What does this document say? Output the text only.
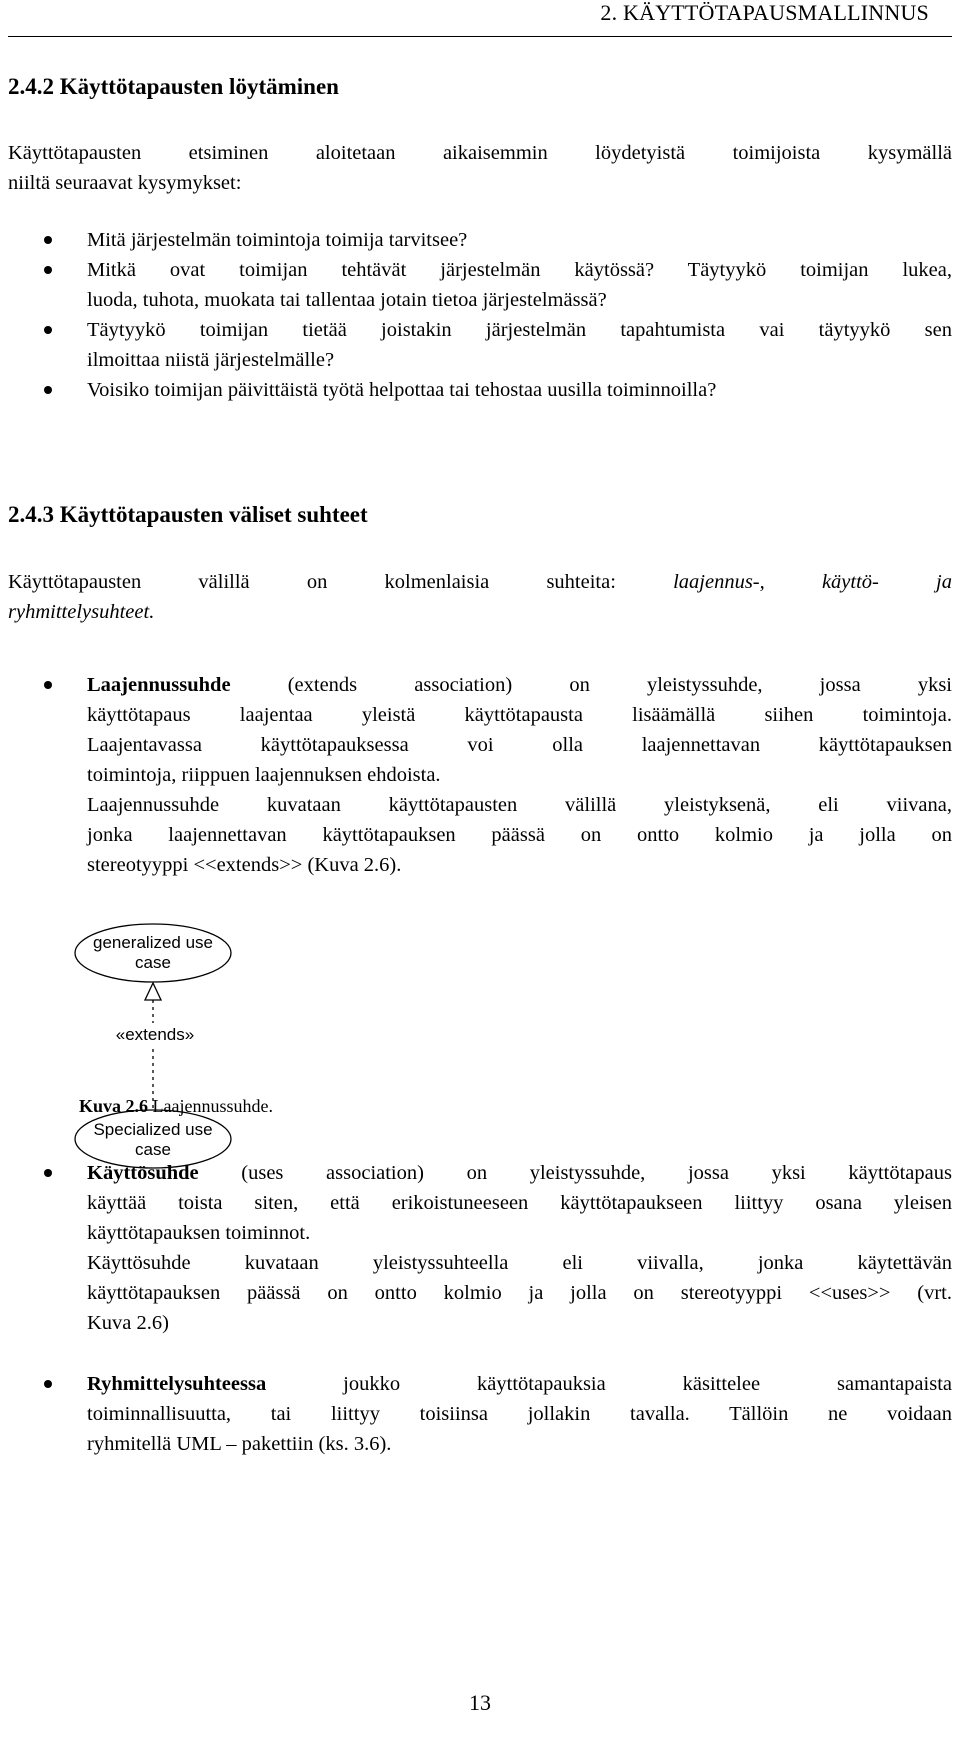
2. KÄYTTÖTAPAUSMALLINNUS
2.4.2 Käyttötapausten löytäminen
Käyttötapausten etsiminen aloitetaan aikaisemmin löydetyistä toimijoista kysymällä
niiltä seuraavat kysymykset:
Mitä järjestelmän toimintoja toimija tarvitsee?
Mitkä ovat toimijan tehtävät järjestelmän käytössä? Täytyykö toimijan lukea,
luoda, tuhota, muokata tai tallentaa jotain tietoa järjestelmässä?
Täytyykö toimijan tietää joistakin järjestelmän tapahtumista vai täytyykö sen
ilmoittaa niistä järjestelmälle?
Voisiko toimijan päivittäistä työtä helpottaa tai tehostaa uusilla toiminnoilla?
2.4.3 Käyttötapausten väliset suhteet
Käyttötapausten välillä on kolmenlaisia suhteita: laajennus-, käyttö- ja
ryhmittelysuhteet.
Laajennussuhde (extends association) on yleistyssuhde, jossa yksi
käyttötapaus laajentaa yleistä käyttötapausta lisäämällä siihen toimintoja.
Laajentavassa käyttötapauksessa voi olla laajennettavan käyttötapauksen
toimintoja, riippuen laajennuksen ehdoista.
Laajennussuhde kuvataan käyttötapausten välillä yleistyksenä, eli viivana,
jonka laajennettavan käyttötapauksen päässä on ontto kolmio ja jolla on
stereotyyppi <<extends>> (Kuva 2.6).
generalized use
case
«extends»
Specialized use
case
Kuva 2.6 Laajennussuhde.
Käyttösuhde (uses association) on yleistyssuhde, jossa yksi käyttötapaus
käyttää toista siten, että erikoistuneeseen käyttötapaukseen liittyy osana yleisen
käyttötapauksen toiminnot.
Käyttösuhde kuvataan yleistyssuhteella eli viivalla, jonka käytettävän
käyttötapauksen päässä on ontto kolmio ja jolla on stereotyyppi <<uses>> (vrt.
Kuva 2.6)
Ryhmittelysuhteessa joukko käyttötapauksia käsittelee samantapaista
toiminnallisuutta, tai liittyy toisiinsa jollakin tavalla. Tällöin ne voidaan
ryhmitellä UML – pakettiin (ks. 3.6).
13
